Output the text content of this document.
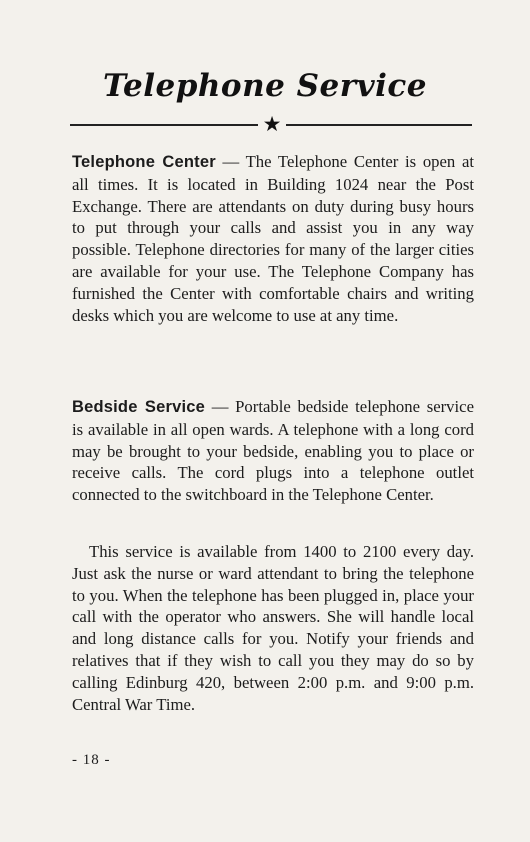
Telephone Service
★

Telephone Center — The Telephone Center is open at all times. It is located in Building 1024 near the Post Exchange. There are attendants on duty during busy hours to put through your calls and assist you in any way possible. Telephone directories for many of the larger cities are available for your use. The Telephone Company has furnished the Center with comfortable chairs and writing desks which you are welcome to use at any time.

Bedside Service — Portable bedside telephone service is available in all open wards. A telephone with a long cord may be brought to your bedside, enabling you to place or receive calls. The cord plugs into a telephone outlet connected to the switchboard in the Telephone Center.

This service is available from 1400 to 2100 every day. Just ask the nurse or ward attendant to bring the telephone to you. When the telephone has been plugged in, place your call with the operator who answers. She will handle local and long distance calls for you. Notify your friends and relatives that if they wish to call you they may do so by calling Edinburg 420, between 2:00 p.m. and 9:00 p.m. Central War Time.

- 18 -
